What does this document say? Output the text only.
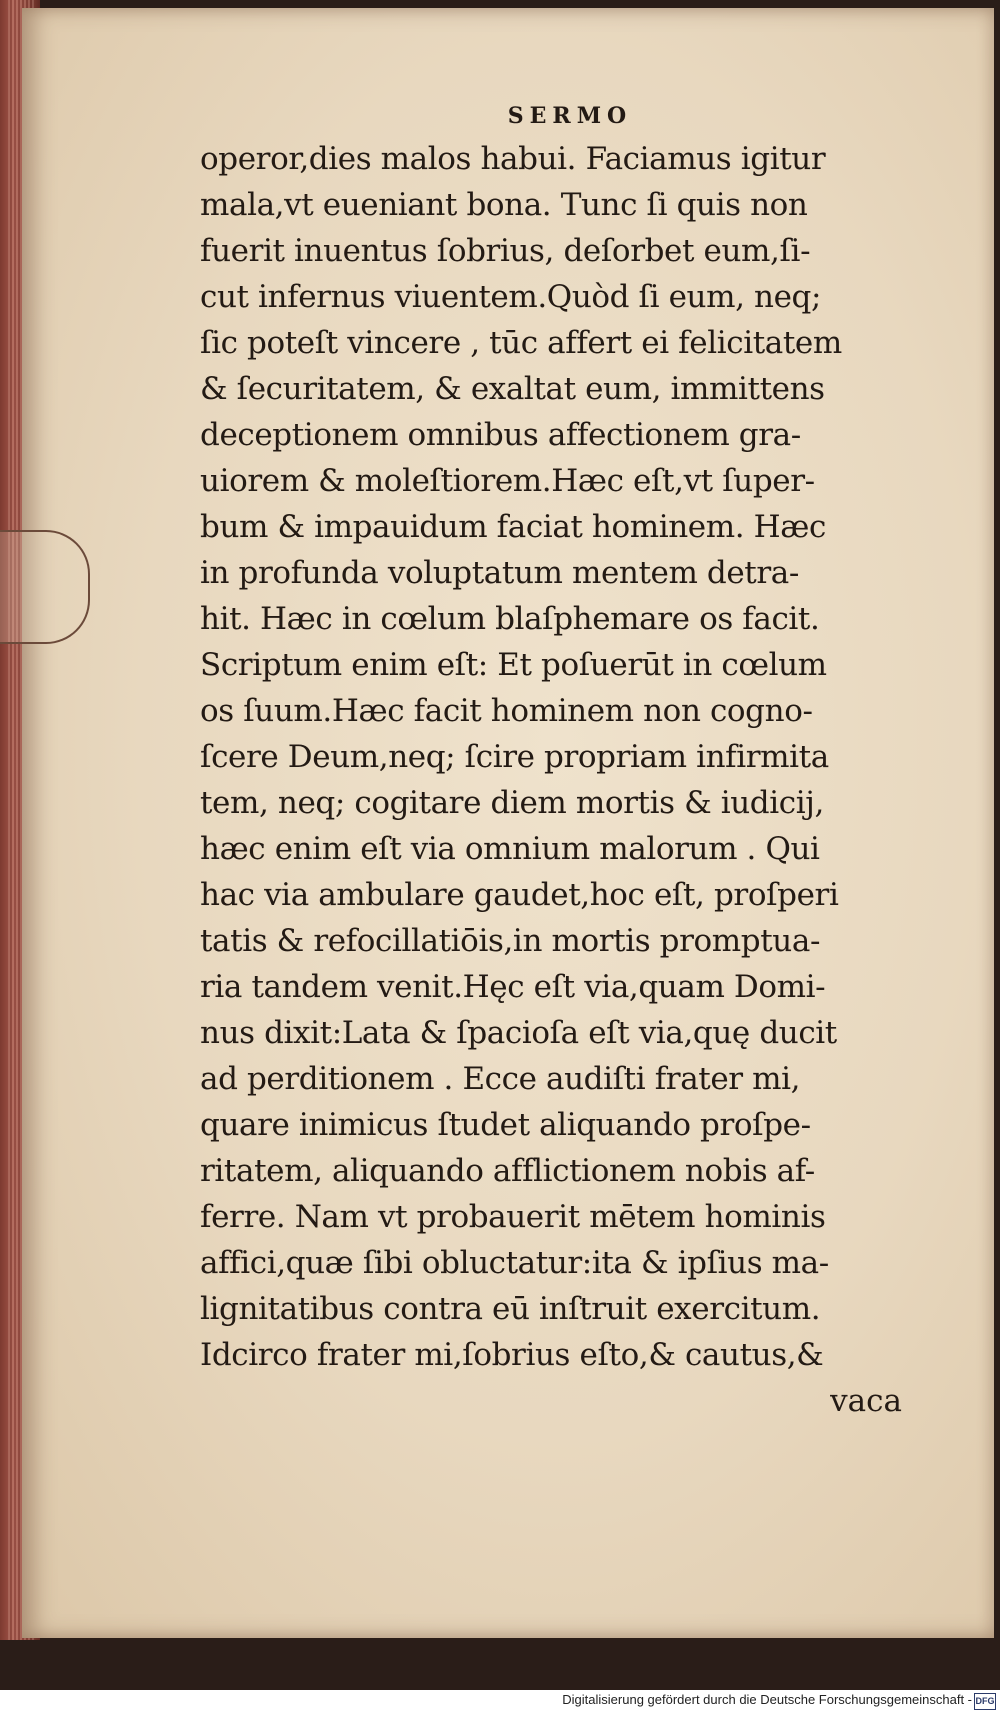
SERMO
operor,dies malos habui. Faciamus igitur
mala,vt eueniant bona. Tunc ſi quis non
fuerit inuentus ſobrius, deſorbet eum,ſi-
cut infernus viuentem.Quòd ſi eum, neq;
ſic poteſt vincere , tūc affert ei felicitatem
& ſecuritatem, & exaltat eum, immittens
deceptionem omnibus affectionem gra-
uiorem & moleſtiorem.Hæc eſt,vt ſuper-
bum & impauidum faciat hominem. Hæc
in profunda voluptatum mentem detra-
hit. Hæc in cœlum blaſphemare os facit.
Scriptum enim eſt: Et poſuerūt in cœlum
os ſuum.Hæc facit hominem non cogno-
ſcere Deum,neq; ſcire propriam infirmita
tem, neq; cogitare diem mortis & iudicij,
hæc enim eſt via omnium malorum . Qui
hac via ambulare gaudet,hoc eſt, proſperi
tatis & refocillatiōis,in mortis promptua-
ria tandem venit.Hęc eſt via,quam Domi-
nus dixit:Lata & ſpacioſa eſt via,quę ducit
ad perditionem . Ecce audiſti frater mi,
quare inimicus ſtudet aliquando proſpe-
ritatem, aliquando afflictionem nobis af-
ferre. Nam vt probauerit mētem hominis
affici,quæ ſibi obluctatur:ita & ipſius ma-
lignitatibus contra eū inſtruit exercitum.
Idcirco frater mi,ſobrius eſto,& cautus,&
vaca
Digitalisierung gefördert durch die Deutsche Forschungsgemeinschaft - DFG
